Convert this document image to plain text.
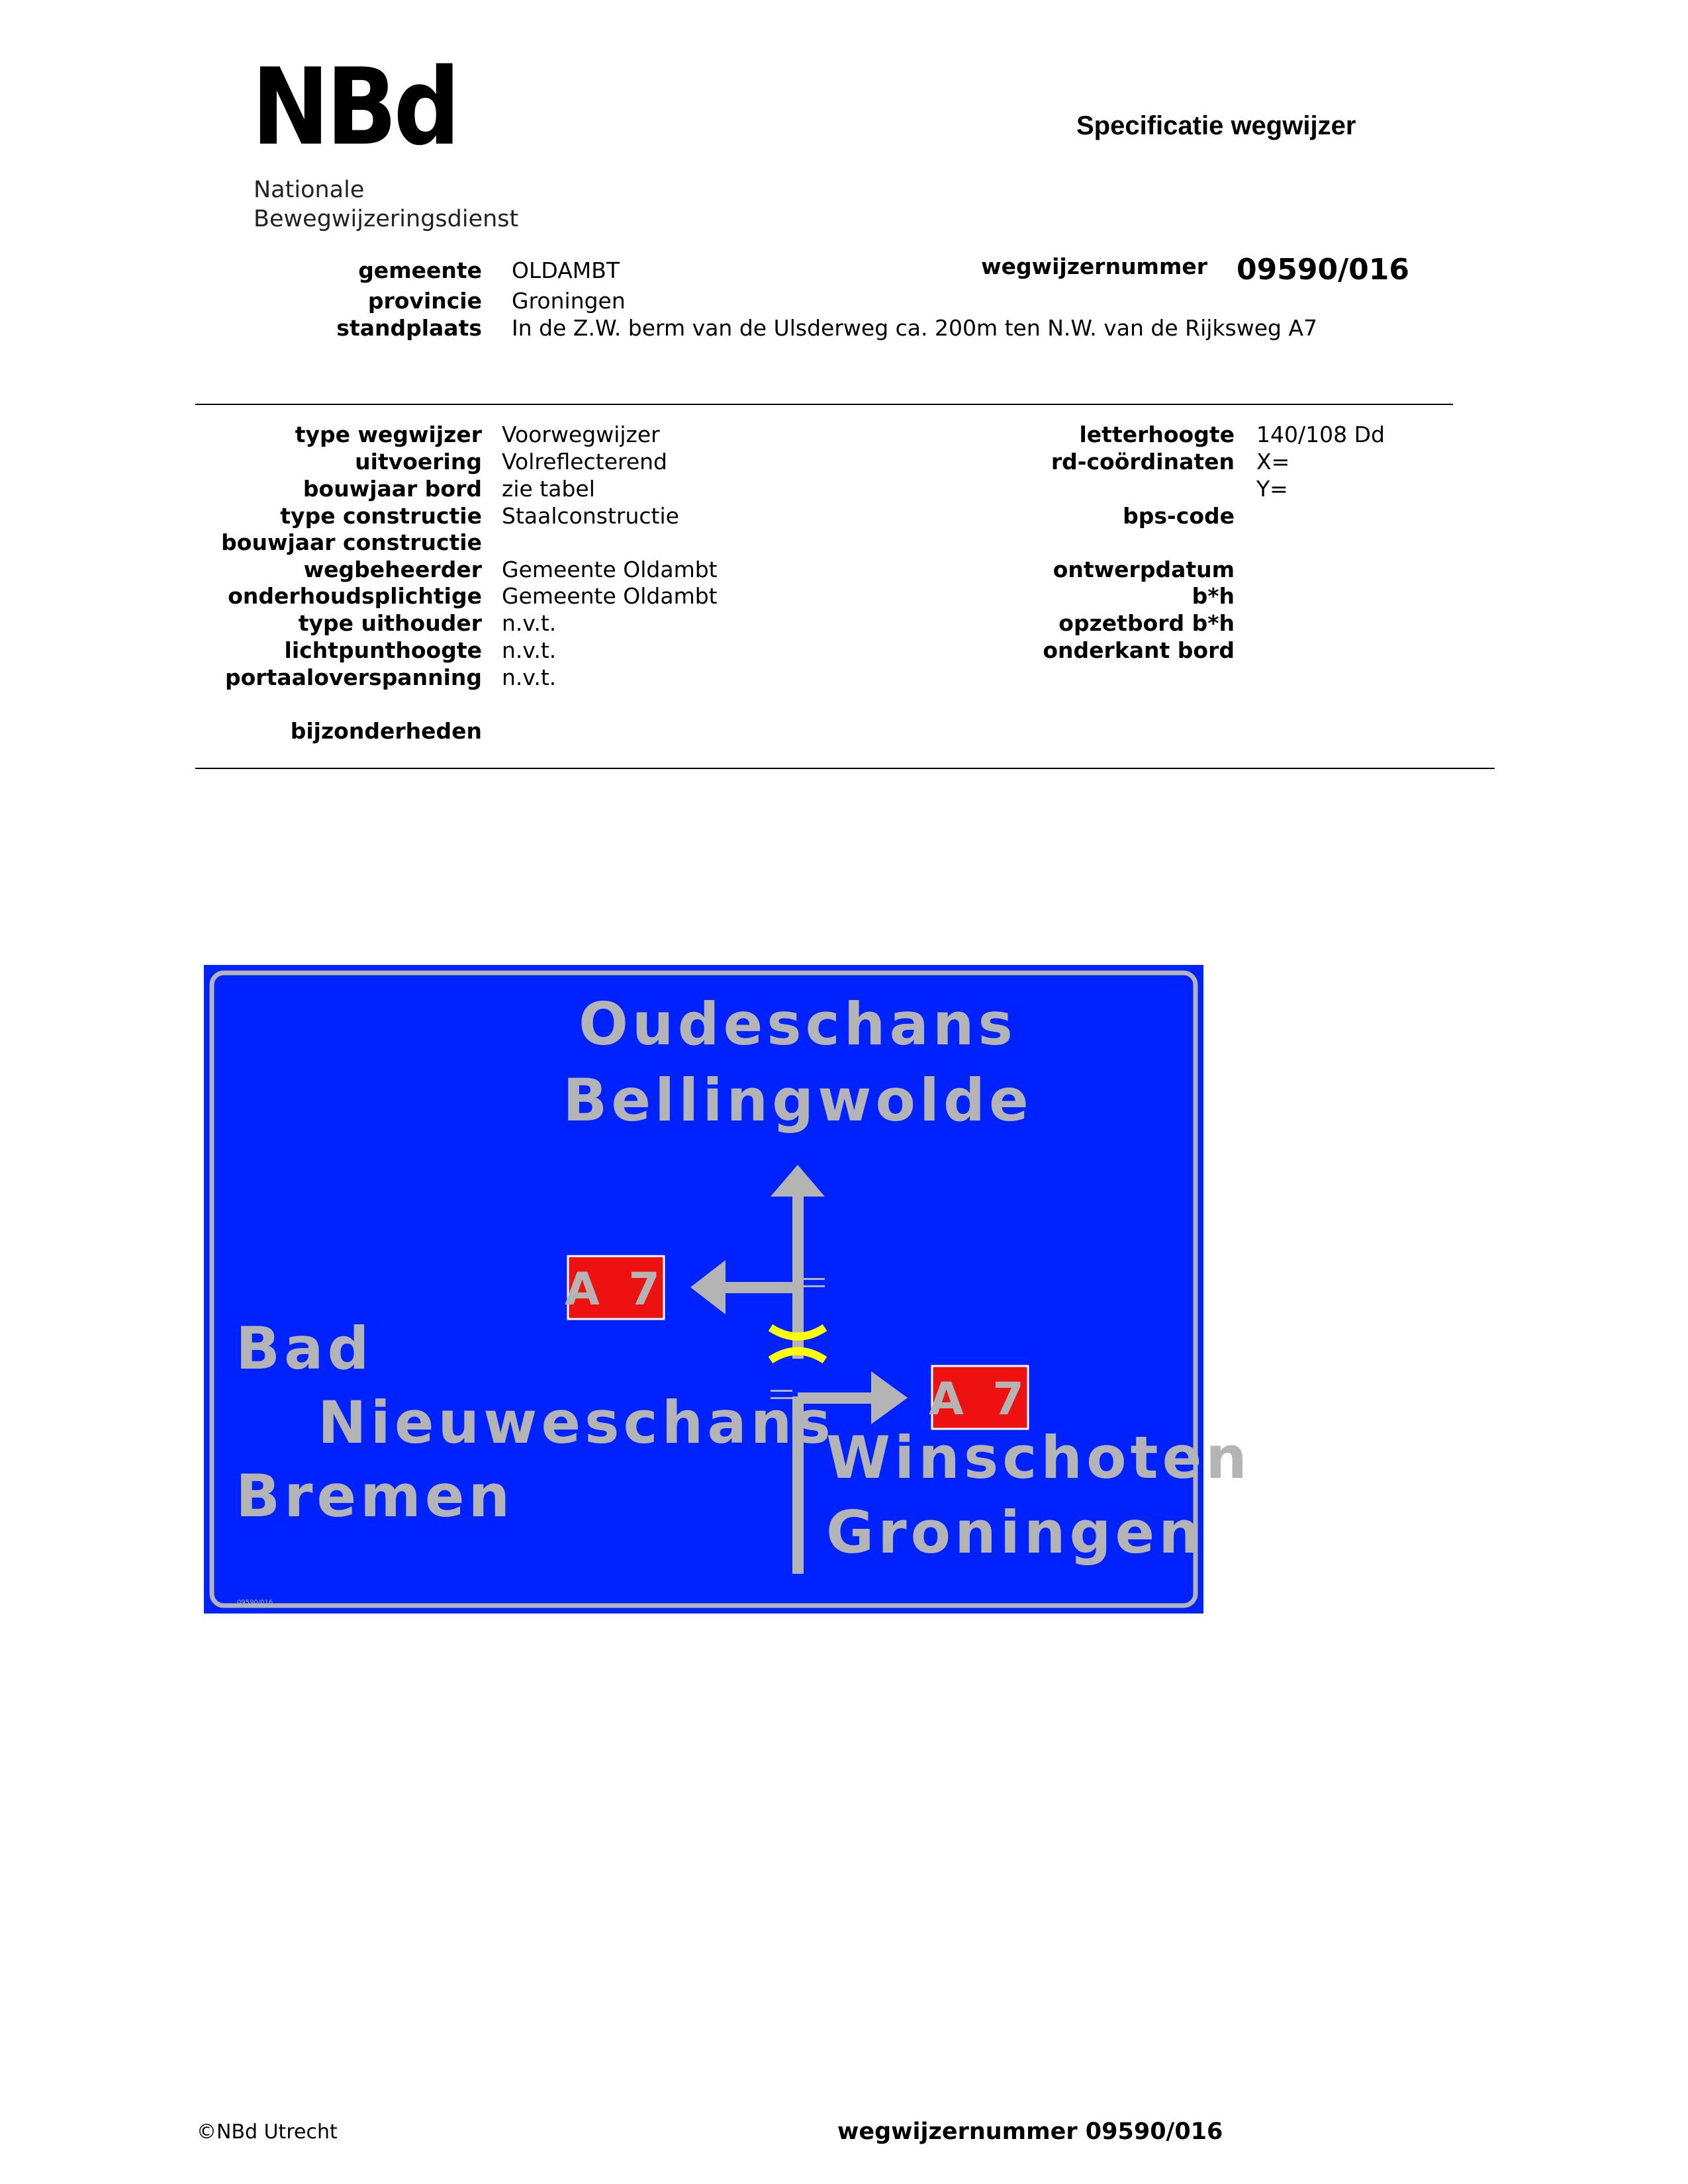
NBd
Nationale
Bewegwijzeringsdienst
Specificatie wegwijzer
gemeente OLDAMBT
provincie Groningen
standplaats In de Z.W. berm van de Ulsderweg ca. 200m ten N.W. van de Rijksweg A7
wegwijzernummer 09590/016
type wegwijzer Voorwegwijzer
uitvoering Volreflecterend
bouwjaar bord zie tabel
type constructie Staalconstructie
bouwjaar constructie
wegbeheerder Gemeente Oldambt
onderhoudsplichtige Gemeente Oldambt
type uithouder n.v.t.
lichtpunthoogte n.v.t.
portaaloverspanning n.v.t.
letterhoogte 140/108 Dd
rd-coördinaten X=
Y=
bps-code
ontwerpdatum
b*h
opzetbord b*h
onderkant bord
bijzonderheden
A 7
A 7
Oudeschans
Bellingwolde
Bad
Nieuweschans
Bremen
Winschoten
Groningen
09590/016
©NBd Utrecht	wegwijzernummer 09590/016
